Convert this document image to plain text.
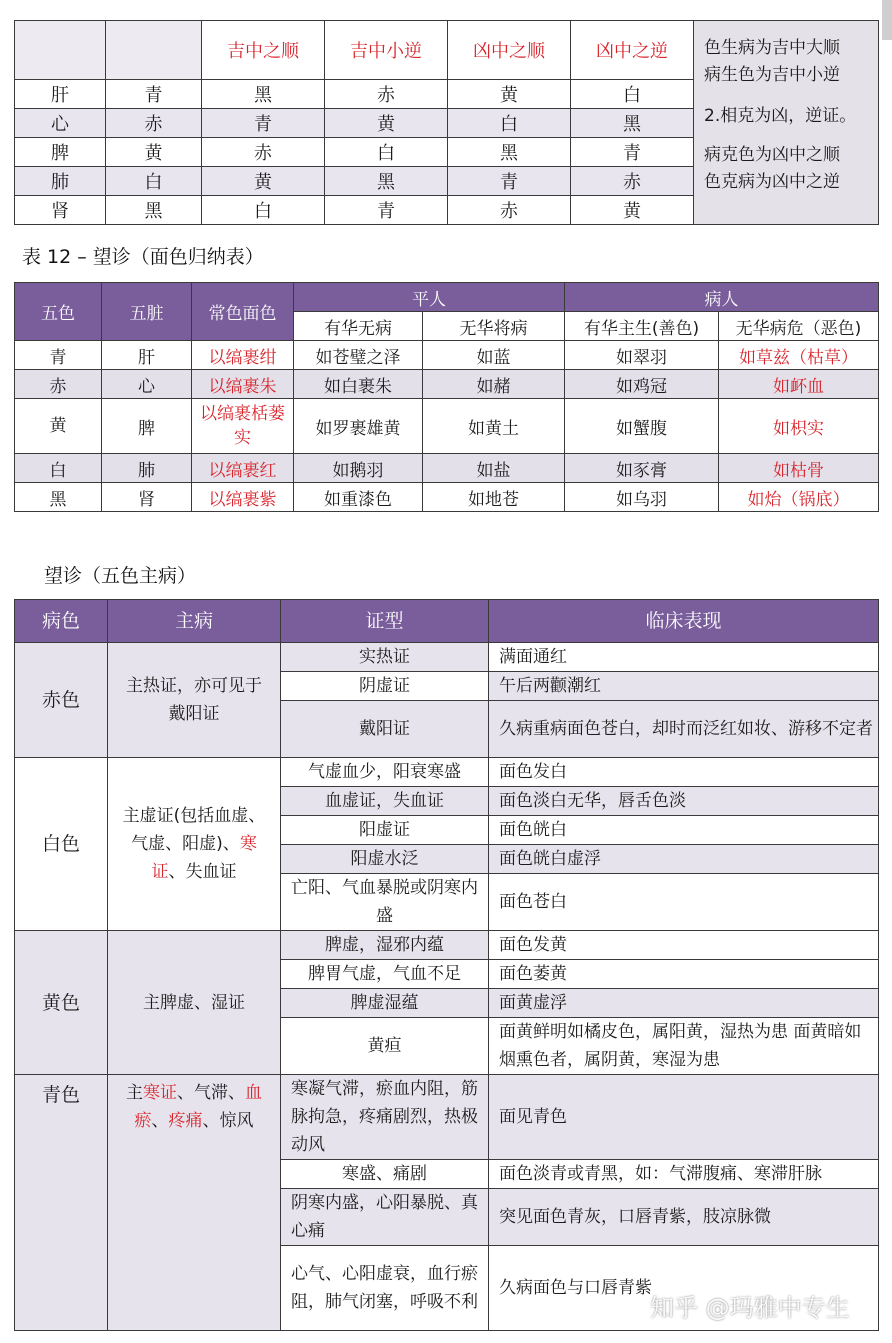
		吉中之顺	吉中小逆	凶中之顺	凶中之逆	色生病为吉中大顺

病生色为吉中小逆

2.相克为凶，逆证。

病克色为凶中之顺

色克病为凶中之逆

肝	青	黑	赤	黄	白	
心	赤	青	黄	白	黑	
脾	黄	赤	白	黑	青	
肺	白	黄	黑	青	赤	
肾	黑	白	青	赤	黄	
表 12 – 望诊（面色归纳表）
五色	五脏	常色面色	平人		病人	
			有华无病	无华将病	有华主生(善色)	无华病危（恶色)
青	肝	以缟裹绀	如苍璧之泽	如蓝	如翠羽	如草兹（枯草）
赤	心	以缟裹朱	如白裹朱	如赭	如鸡冠	如衃血
黄	脾	以缟裹栝蒌实	如罗裹雄黄	如黄土	如蟹腹	如枳实
白	肺	以缟裹红	如鹅羽	如盐	如豕膏	如枯骨
黑	肾	以缟裹紫	如重漆色	如地苍	如乌羽	如炲（锅底）
望诊（五色主病）
病色	主病	证型	临床表现
赤色	主热证，亦可见于戴阳证	实热证	满面通红
		阴虚证	午后两颧潮红
		戴阳证	久病重病面色苍白，却时而泛红如妆、游移不定者
白色	主虚证(包括血虚、气虚、阳虚)、寒证、失血证	气虚血少，阳衰寒盛	面色发白
		血虚证，失血证	面色淡白无华，唇舌色淡
		阳虚证	面色㿠白
		阳虚水泛	面色㿠白虚浮
		亡阳、气血暴脱或阴寒内盛	面色苍白
黄色	主脾虚、湿证	脾虚，湿邪内蕴	面色发黄
		脾胃气虚，气血不足	面色萎黄
		脾虚湿蕴	面黄虚浮
		黄疸	面黄鲜明如橘皮色，属阳黄，湿热为患 面黄暗如烟熏色者，属阴黄，寒湿为患
青色	主寒证、气滞、血瘀、疼痛、惊风	寒凝气滞，瘀血内阻，筋脉拘急，疼痛剧烈，热极动风	面见青色
		寒盛、痛剧	面色淡青或青黑，如：气滞腹痛、寒滞肝脉
		阴寒内盛，心阳暴脱、真心痛	突见面色青灰，口唇青紫，肢凉脉微
		心气、心阳虚衰，血行瘀阻，肺气闭塞，呼吸不利	久病面色与口唇青紫
知乎 @玛雅中专生
